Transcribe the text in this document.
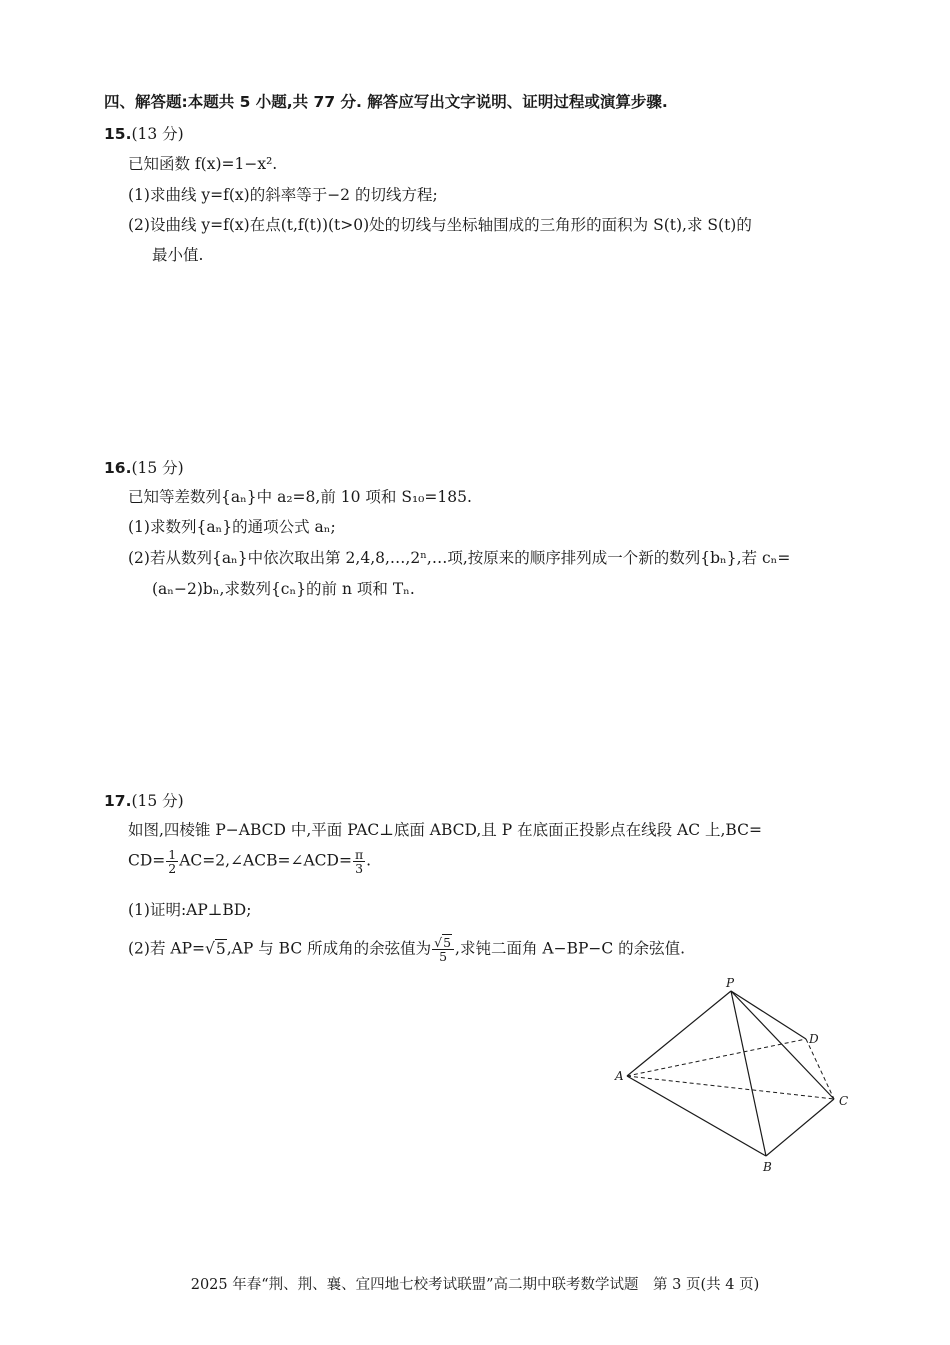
四、解答题:本题共 5 小题,共 77 分. 解答应写出文字说明、证明过程或演算步骤.
15.(13 分)
已知函数 f(x)=1−x².
(1)求曲线 y=f(x)的斜率等于−2 的切线方程;
(2)设曲线 y=f(x)在点(t,f(t))(t>0)处的切线与坐标轴围成的三角形的面积为 S(t),求 S(t)的
最小值.
16.(15 分)
已知等差数列{aₙ}中 a₂=8,前 10 项和 S₁₀=185.
(1)求数列{aₙ}的通项公式 aₙ;
(2)若从数列{aₙ}中依次取出第 2,4,8,…,2ⁿ,…项,按原来的顺序排列成一个新的数列{bₙ},若 cₙ=
(aₙ−2)bₙ,求数列{cₙ}的前 n 项和 Tₙ.
17.(15 分)
如图,四棱锥 P−ABCD 中,平面 PAC⊥底面 ABCD,且 P 在底面正投影点在线段 AC 上,BC=
$CD= \frac{1}{2}$ AC=2,∠ACB=∠ACD= $\frac{\pi}{3}$ .
(1)证明:AP⊥BD;
(2)若 AP=√5,AP 与 BC 所成角的余弦值为 $\frac{√5}{5}$ ,求钝二面角 A−BP−C 的余弦值.
P
A
B
C
D
2025 年春“荆、荆、襄、宜四地七校考试联盟”高二期中联考数学试题　第 3 页(共 4 页)
